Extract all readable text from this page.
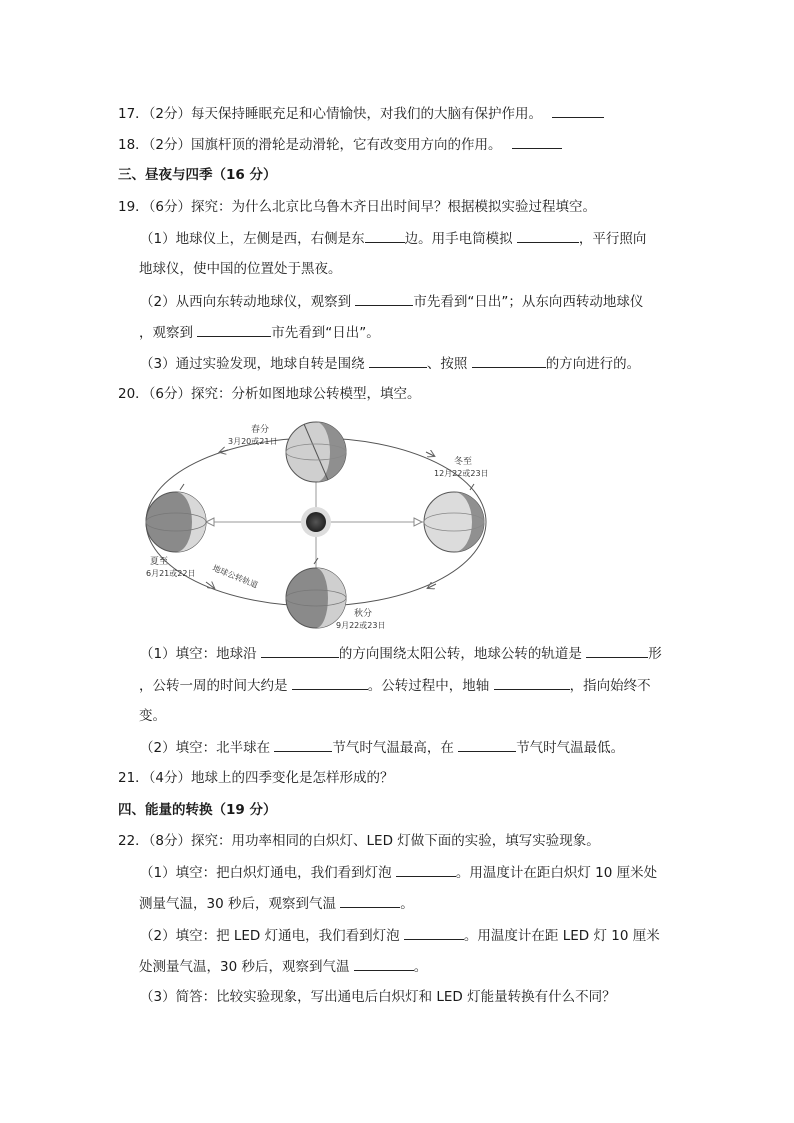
17．（2分）每天保持睡眠充足和心情愉快，对我们的大脑有保护作用。
18．（2分）国旗杆顶的滑轮是动滑轮，它有改变用方向的作用。
三、昼夜与四季（16 分）
19．（6分）探究：为什么北京比乌鲁木齐日出时间早？根据模拟实验过程填空。
（1）地球仪上，左侧是西，右侧是东	边。用手电筒模拟	，平行照向
地球仪，使中国的位置处于黑夜。
（2）从西向东转动地球仪，观察到	市先看到“日出”；从东向西转动地球仪
，观察到	市先看到“日出”。
（3）通过实验发现，地球自转是围绕	、按照	的方向进行的。
20．（6分）探究：分析如图地球公转模型，填空。
春分
3月20或21日
冬至
12月22或23日
夏至
6月21或22日
秋分
9月22或23日
地球公转轨道
（1）填空：地球沿	的方向围绕太阳公转，地球公转的轨道是	形
，公转一周的时间大约是	。公转过程中，地轴	，指向始终不
变。
（2）填空：北半球在	节气时气温最高，在	节气时气温最低。
21．（4分）地球上的四季变化是怎样形成的？
四、能量的转换（19 分）
22．（8分）探究：用功率相同的白炽灯、LED 灯做下面的实验，填写实验现象。
（1）填空：把白炽灯通电，我们看到灯泡	。用温度计在距白炽灯 10 厘米处
测量气温，30 秒后，观察到气温	。
（2）填空：把 LED 灯通电，我们看到灯泡	。用温度计在距 LED 灯 10 厘米
处测量气温，30 秒后，观察到气温	。
（3）简答：比较实验现象，写出通电后白炽灯和 LED 灯能量转换有什么不同？
